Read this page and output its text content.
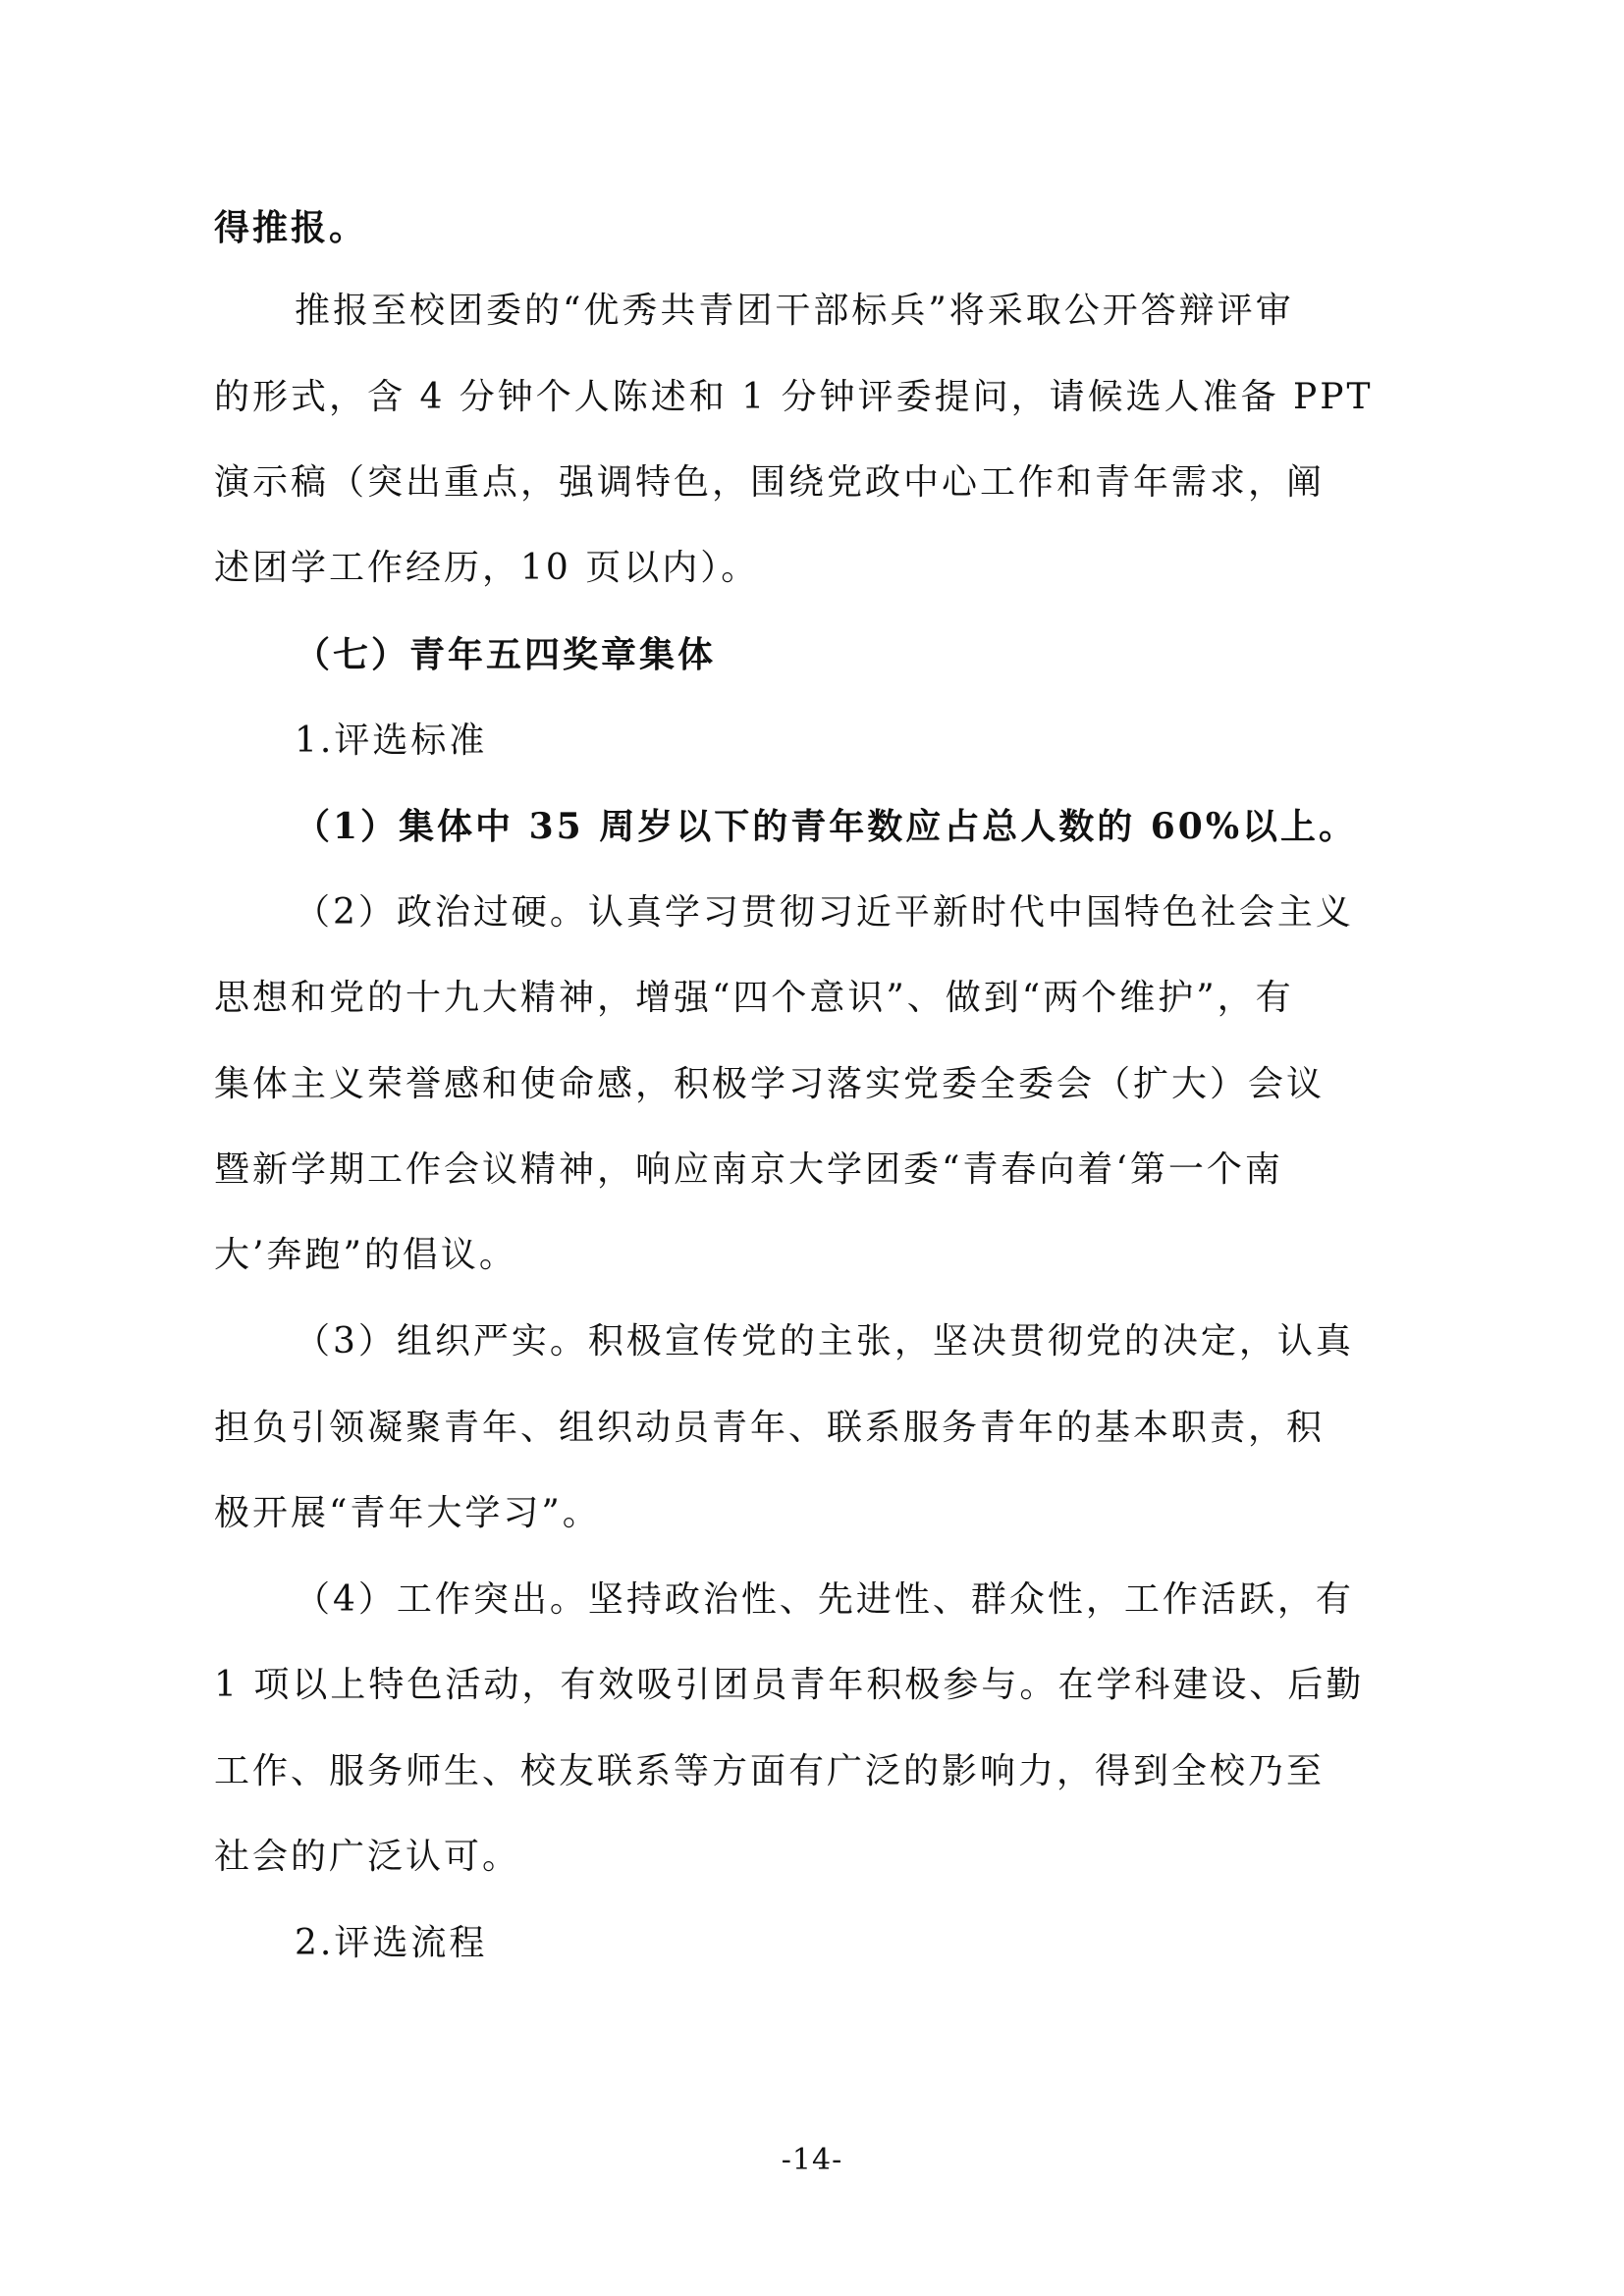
得推报。
推报至校团委的“优秀共青团干部标兵”将采取公开答辩评审
的形式，含 4 分钟个人陈述和 1 分钟评委提问，请候选人准备 PPT
演示稿（突出重点，强调特色，围绕党政中心工作和青年需求，阐
述团学工作经历，10 页以内）。
（七）青年五四奖章集体
1.评选标准
（1）集体中 35 周岁以下的青年数应占总人数的 60%以上。
（2）政治过硬。认真学习贯彻习近平新时代中国特色社会主义
思想和党的十九大精神，增强“四个意识”、做到“两个维护”，有
集体主义荣誉感和使命感，积极学习落实党委全委会（扩大）会议
暨新学期工作会议精神，响应南京大学团委“青春向着‘第一个南
大’奔跑”的倡议。
（3）组织严实。积极宣传党的主张，坚决贯彻党的决定，认真
担负引领凝聚青年、组织动员青年、联系服务青年的基本职责，积
极开展“青年大学习”。
（4）工作突出。坚持政治性、先进性、群众性，工作活跃，有
1 项以上特色活动，有效吸引团员青年积极参与。在学科建设、后勤
工作、服务师生、校友联系等方面有广泛的影响力，得到全校乃至
社会的广泛认可。
2.评选流程
-14-
